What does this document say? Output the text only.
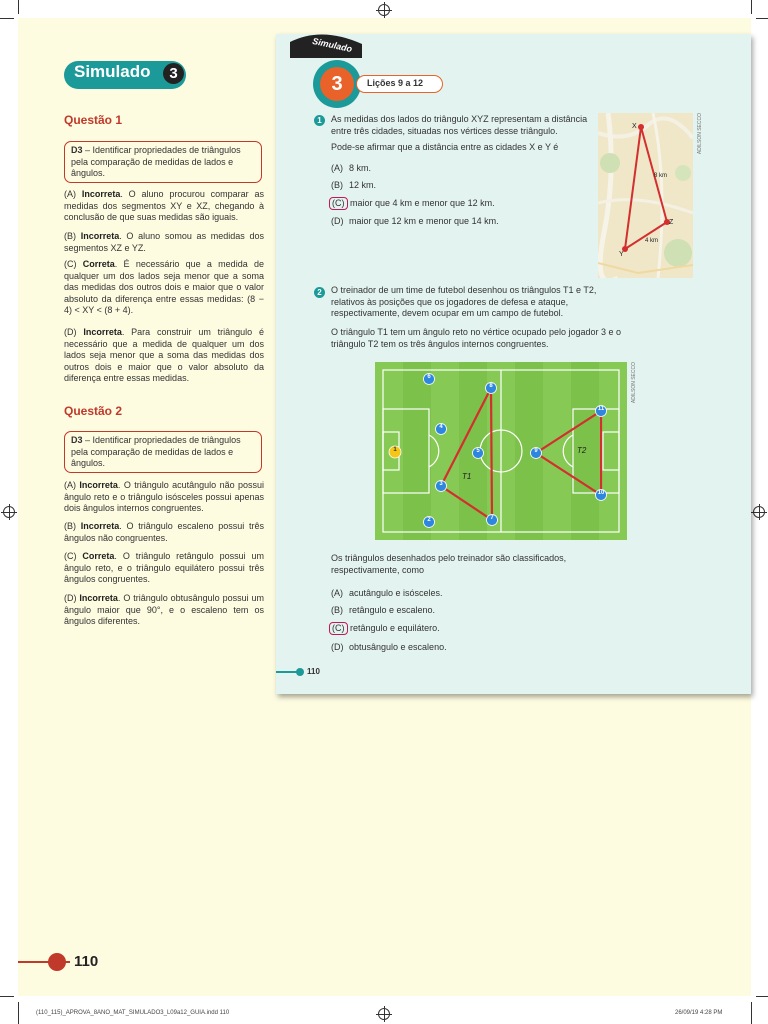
Simulado	3
Questão 1
D3 – Identificar propriedades de triângulos pela comparação de medidas de lados e ângulos.
(A) Incorreta. O aluno procurou comparar as medidas dos segmentos XY e XZ, chegando à conclusão de que suas medidas são iguais.
(B) Incorreta. O aluno somou as medidas dos segmentos XZ e YZ.
(C) Correta. É necessário que a medida de qualquer um dos lados seja menor que a soma das medidas dos outros dois e maior que o valor absoluto da diferença entre essas medidas: (8 − 4) < XY < (8 + 4).
(D) Incorreta. Para construir um triângulo é necessário que a medida de qualquer um dos lados seja menor que a soma das medidas dos outros dois e maior que o valor absoluto da diferença entre essas medidas.
Questão 2
D3 – Identificar propriedades de triângulos pela comparação de medidas de lados e ângulos.
(A) Incorreta. O triângulo acutângulo não possui ângulo reto e o triângulo isósceles possui apenas dois ângulos internos congruentes.
(B) Incorreta. O triângulo escaleno possui três ângulos não congruentes.
(C) Correta. O triângulo retângulo possui um ângulo reto, e o triângulo equilátero possui três ângulos congruentes.
(D) Incorreta. O triângulo obtusângulo possui um ângulo maior que 90°, e o escaleno tem os ângulos diferentes.
110
Simulado
3	Lições 9 a 12
1	As medidas dos lados do triângulo XYZ representam a distância entre três cidades, situadas nos vértices desse triângulo.
Pode-se afirmar que a distância entre as cidades X e Y é
(A) 8 km.
(B) 12 km.
(C) maior que 4 km e menor que 12 km.
(D) maior que 12 km e menor que 14 km.
X
Z
Y
8 km
4 km
ADILSON SECCO
2	O treinador de um time de futebol desenhou os triângulos T1 e T2, relativos às posições que os jogadores de defesa e ataque, respectivamente, devem ocupar em um campo de futebol.
O triângulo T1 tem um ângulo reto no vértice ocupado pelo jogador 3 e o triângulo T2 tem os três ângulos internos congruentes.
1
2
3
4
5
6
7
8
9
10
11
T1
T2
ADILSON SECCO
Os triângulos desenhados pelo treinador são classificados, respectivamente, como
(A) acutângulo e isósceles.
(B) retângulo e escaleno.
(C) retângulo e equilátero.
(D) obtusângulo e escaleno.
110
(110_115)_APROVA_8ANO_MAT_SIMULADO3_L09a12_GUIA.indd 110	26/09/19 4:28 PM
